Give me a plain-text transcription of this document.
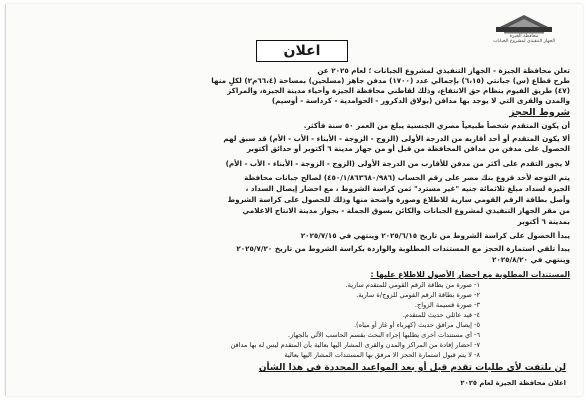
محافظة الجيزة
الجهاز التنفيذي لمشروع الجبانات
اعلان
تعلن محافظة الجيزة - الجهاز التنفيذي لمشروع الجبانات ؛ لعام ٢٠٢٥ عن
طرح قطاع (س) جبانتي (٦،١٥) بإجمالي عدد (١٧٠٠) مدفن جاهز (مسلحين) بمساحة (٦٦،٤م٢) لكلٍ منها
(٤٧) طريق الفيوم بنظام حق الانتفاع، وذلك لقاطني محافظة الجيزة وأحياء مدينة الجيزة، والمراكز
والمدن والقرى التي لا يوجد بها مدافن (بولاق الدكرور - الحوامدية - كرداسة - أوسيم)
شروط الحجز
أن يكون المتقدم شخصاً طبيعياً مصري الجنسية يبلغ من العمر ٥٠ سنة فأكثر.
ألا يكون المتقدم أو أحد أقاربه من الدرجة الأولى (الزوج - الزوجة - الأبناء - الأب - الأم) قد سبق لهم
الحصول على مدفن من مدافن المحافظة من قبل أو من جهاز مدينة ٦ أكتوبر أو حدائق أكتوبر
لا يجوز التقدم على أكثر من مدفن للأقارب من الدرجة الأولى (الزوج - الزوجة - الأبناء - الأب - الأم)
يتم التوجه لأحد فروع بنك مصر على رقم الحساب (٤٥٠/١/٨٦٣٦٨٠/٩٨٦) لصالح جبانات محافظة
الجيزة لسداد مبلغ ثلاثمائة جنيه "غير مسترد" ثمن كراسة الشروط ، مع احضار إيصال السداد ،
وأصل بطاقة الرقم القومي سارية للاطلاع وصورة واضحة منها وذلك للحصول على كراسة الشروط
من مقر الجهاز التنفيذي لمشروع الجبانات والكائن بسوق الجملة - بجوار مدينة الانتاج الاعلامي
بمدينة ٦ أكتوبر
يبدأ الحصول على كراسة الشروط من تاريخ ٢٠٢٥/٦/١٥ وينتهي في ٢٠٢٥/٧/١٥
يبدأ تلقي استمارة الحجز مع المستندات المطلوبة والواردة بكراسة الشروط من تاريخ ٢٠٢٥/٧/٢٠
وينتهي في ٢٠٢٥/٨/٢٠
المستندات المطلوبة مع احضار الأصول للاطلاع عليها :
١- صورة من بطاقة الرقم القومي للمتقدم سارية.
٢- صورة بطاقة الرقم القومي للزوج/ة سارية.
٣- صورة قسيمة الزواج.
٤- قيد عائلي حديث للمتقدم.
٥- إيصال مرافق حديث (كهرباء أو غاز أو مياه).
٦- أي مستندات أخرى يطلبها إجراء البحث بقسم الحاسب الآلي بالجهاز.
٧- احضار إفادة من المراكز والمدن والقرى المشار اليها بعالية بأن المتقدم ليس له بها مدافن
٨- لا يتم قبول استمارة الحجز الا مرفق بها المستندات المشار اليها بعالية
لن يلتفت لأي طلبات تقدم قبل أو بعد المواعيد المحددة في هذا الشأن
اعلان محافظة الجيزة لعام ٢٠٢٥
